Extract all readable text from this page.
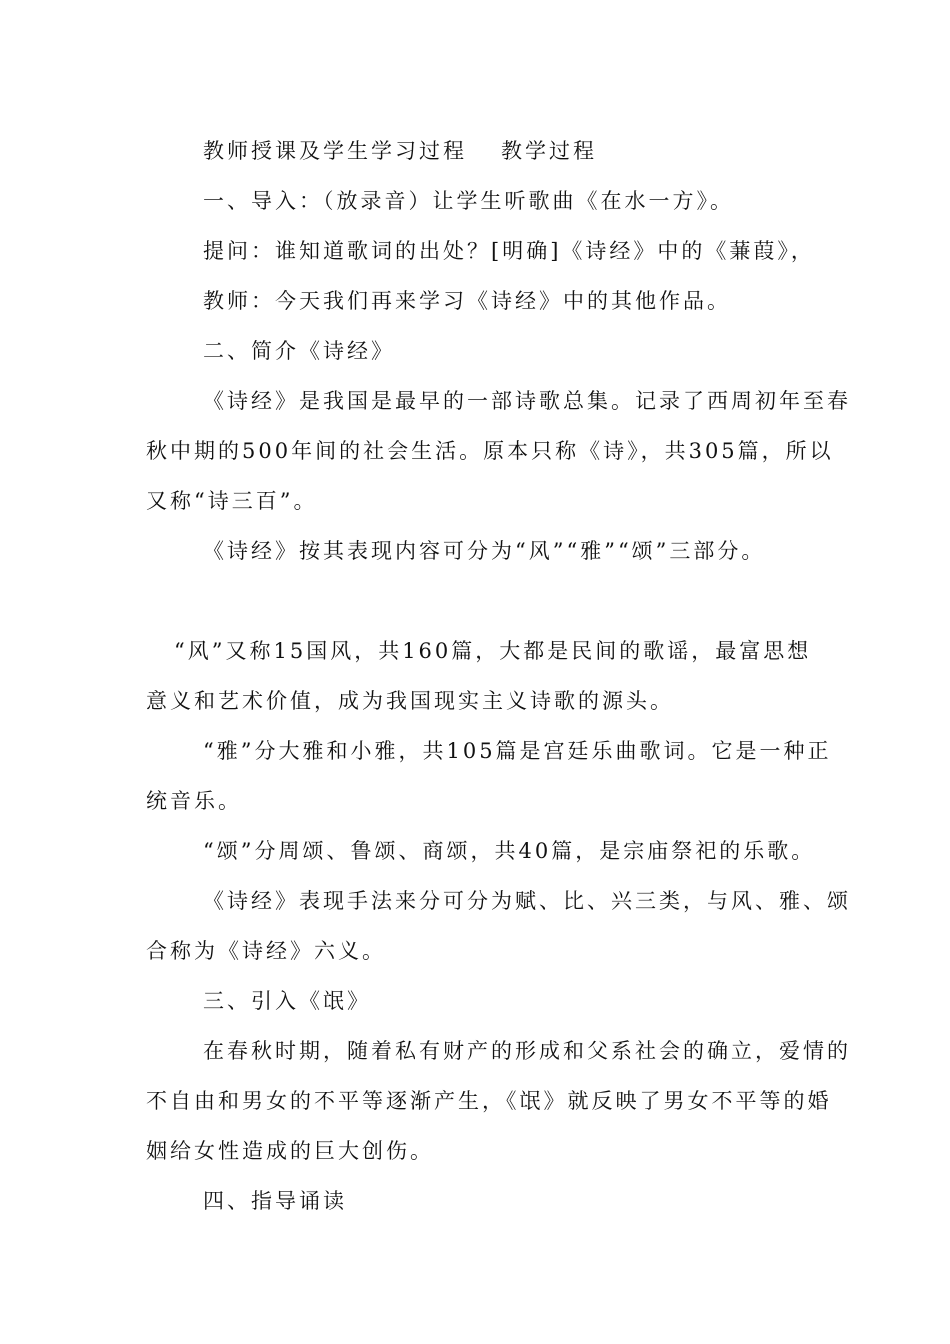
教师授课及学生学习过程 教学过程
一、导入：（放录音）让学生听歌曲《在水一方》。
提问：谁知道歌词的出处？[明确]《诗经》中的《蒹葭》，
教师：今天我们再来学习《诗经》中的其他作品。
二、简介《诗经》
《诗经》是我国是最早的一部诗歌总集。记录了西周初年至春
秋中期的500年间的社会生活。原本只称《诗》，共305篇，所以
又称“诗三百”。
《诗经》按其表现内容可分为“风”“雅”“颂”三部分。
“风”又称15国风，共160篇，大都是民间的歌谣，最富思想
意义和艺术价值，成为我国现实主义诗歌的源头。
“雅”分大雅和小雅，共105篇是宫廷乐曲歌词。它是一种正
统音乐。
“颂”分周颂、鲁颂、商颂，共40篇，是宗庙祭祀的乐歌。
《诗经》表现手法来分可分为赋、比、兴三类，与风、雅、颂
合称为《诗经》六义。
三、引入《氓》
在春秋时期，随着私有财产的形成和父系社会的确立，爱情的
不自由和男女的不平等逐渐产生，《氓》就反映了男女不平等的婚
姻给女性造成的巨大创伤。
四、指导诵读
